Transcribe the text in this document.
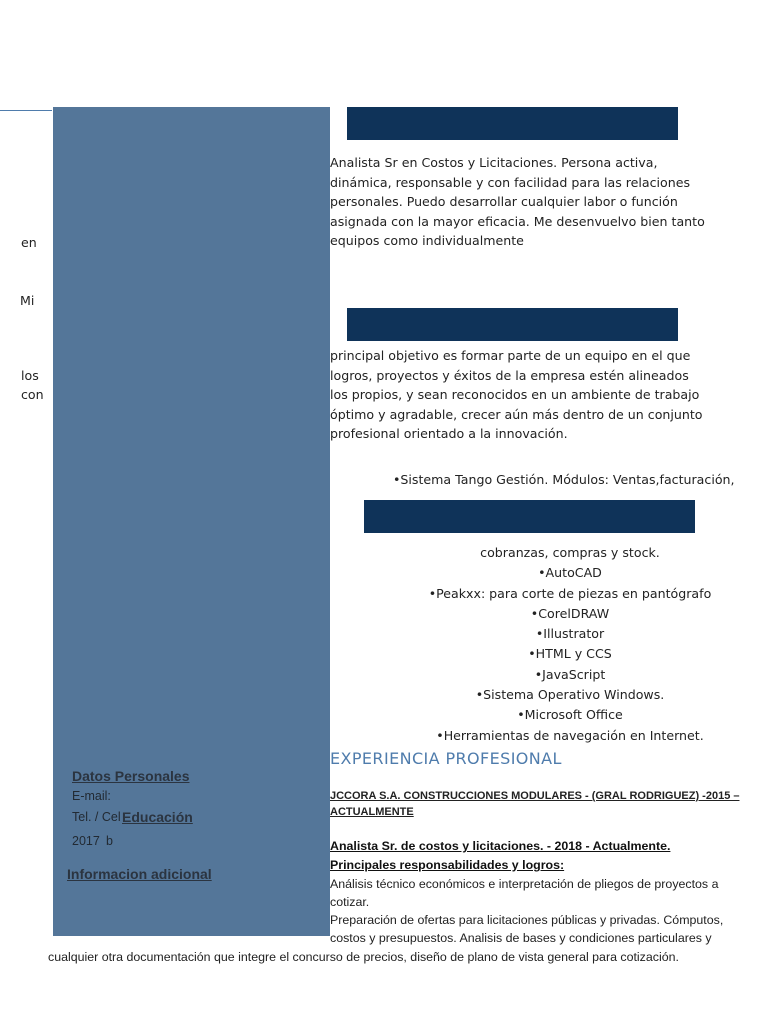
en
Mi
los
con
Analista Sr en Costos y Licitaciones. Persona activa,
dinámica, responsable y con facilidad para las relaciones
personales. Puedo desarrollar cualquier labor o función
asignada con la mayor eficacia. Me desenvuelvo bien tanto
equipos como individualmente
principal objetivo es formar parte de un equipo en el que
logros, proyectos y éxitos de la empresa estén alineados
los propios, y sean reconocidos en un ambiente de trabajo
óptimo y agradable, crecer aún más dentro de un conjunto
profesional orientado a la innovación.
•Sistema Tango Gestión. Módulos: Ventas,facturación,
cobranzas, compras y stock.
•AutoCAD
•Peakxx: para corte de piezas en pantógrafo
•CorelDRAW
•Illustrator
•HTML y CCS
•JavaScript
•Sistema Operativo Windows.
•Microsoft Office
•Herramientas de navegación en Internet.
EXPERIENCIA PROFESIONAL
JCCORA S.A. CONSTRUCCIONES MODULARES - (GRAL RODRIGUEZ) -2015 –
ACTUALMENTE
Analista Sr. de costos y licitaciones. - 2018 - Actualmente.
Principales responsabilidades y logros:
Análisis técnico económicos e interpretación de pliegos de proyectos a
cotizar.
Preparación de ofertas para licitaciones públicas y privadas. Cómputos,
costos y presupuestos. Analisis de bases y condiciones particulares y
cualquier otra documentación que integre el concurso de precios, diseño de plano de vista general para cotización.
Datos Personales
E-mail:
Tel. / Cel Educación
2017 b
Informacion adicional
